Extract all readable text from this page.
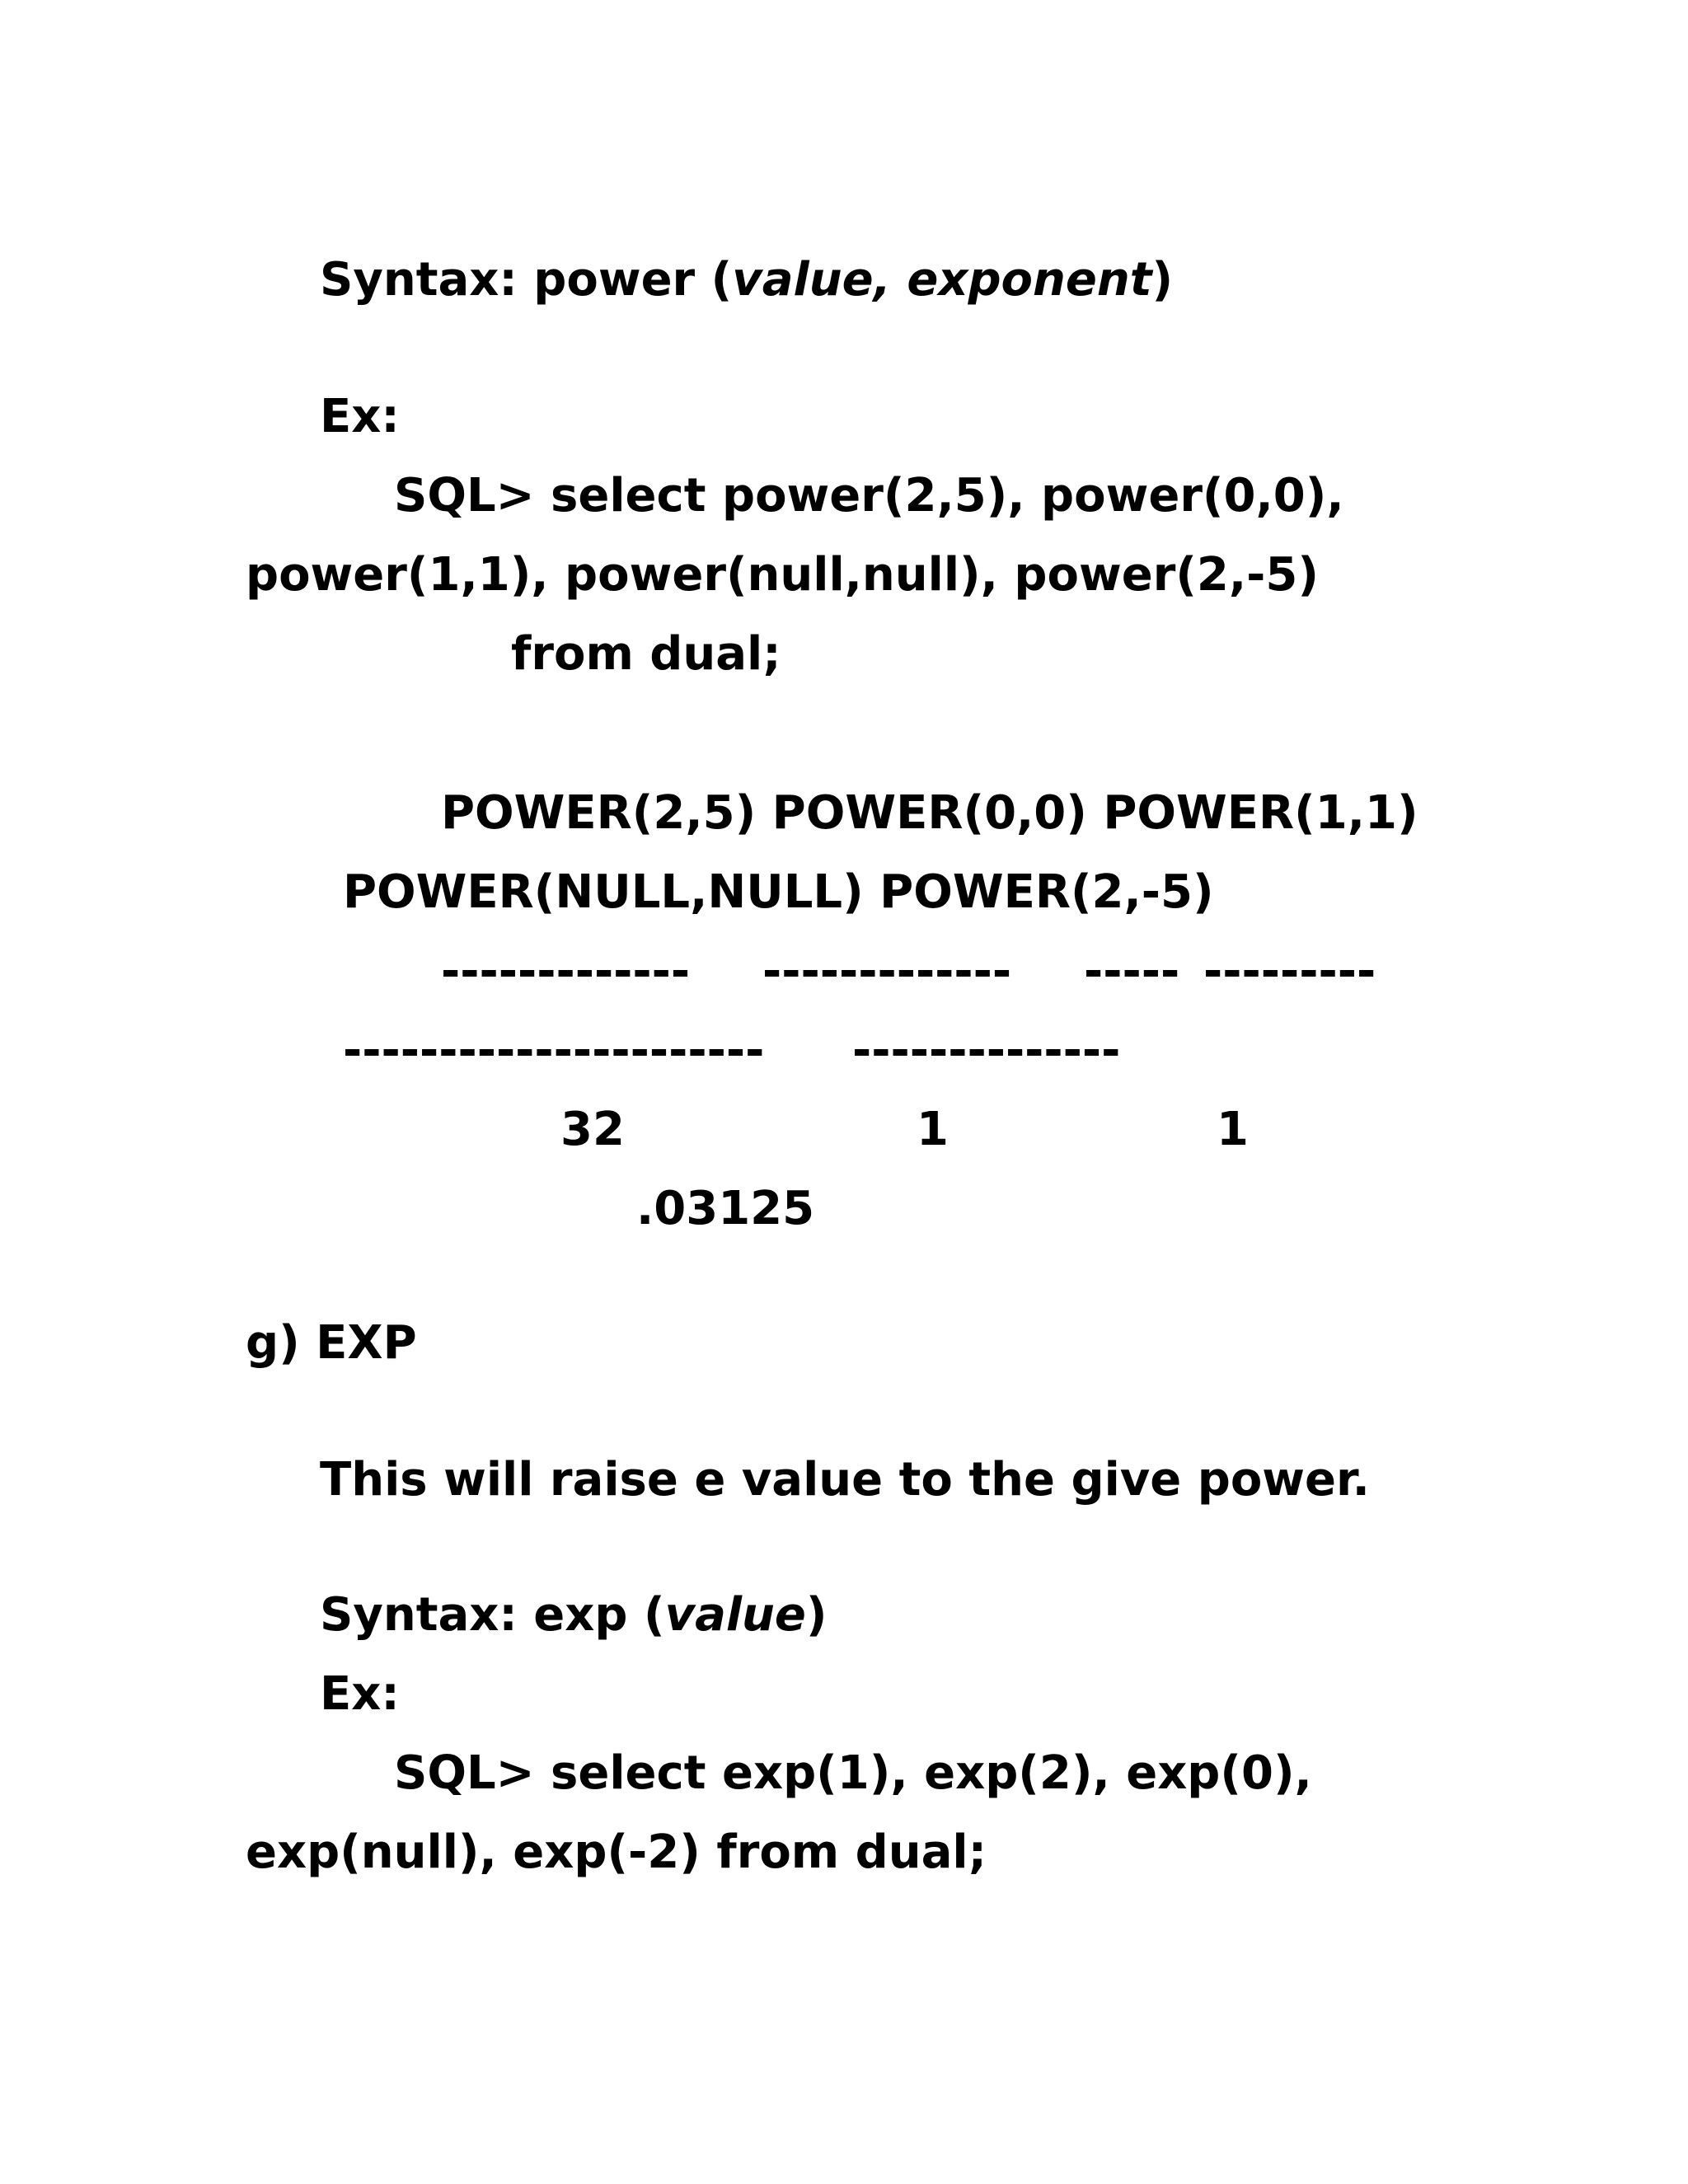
Syntax: power (value, exponent)
Ex:
SQL> select power(2,5), power(0,0),
power(1,1), power(null,null), power(2,-5)
from dual;
POWER(2,5) POWER(0,0) POWER(1,1)
POWER(NULL,NULL) POWER(2,-5)
------------- ------------- ----- ---------
---------------------- --------------
32	1	1
.03125
g) EXP
This will raise e value to the give power.
Syntax: exp (value)
Ex:
SQL> select exp(1), exp(2), exp(0),
exp(null), exp(-2) from dual;
